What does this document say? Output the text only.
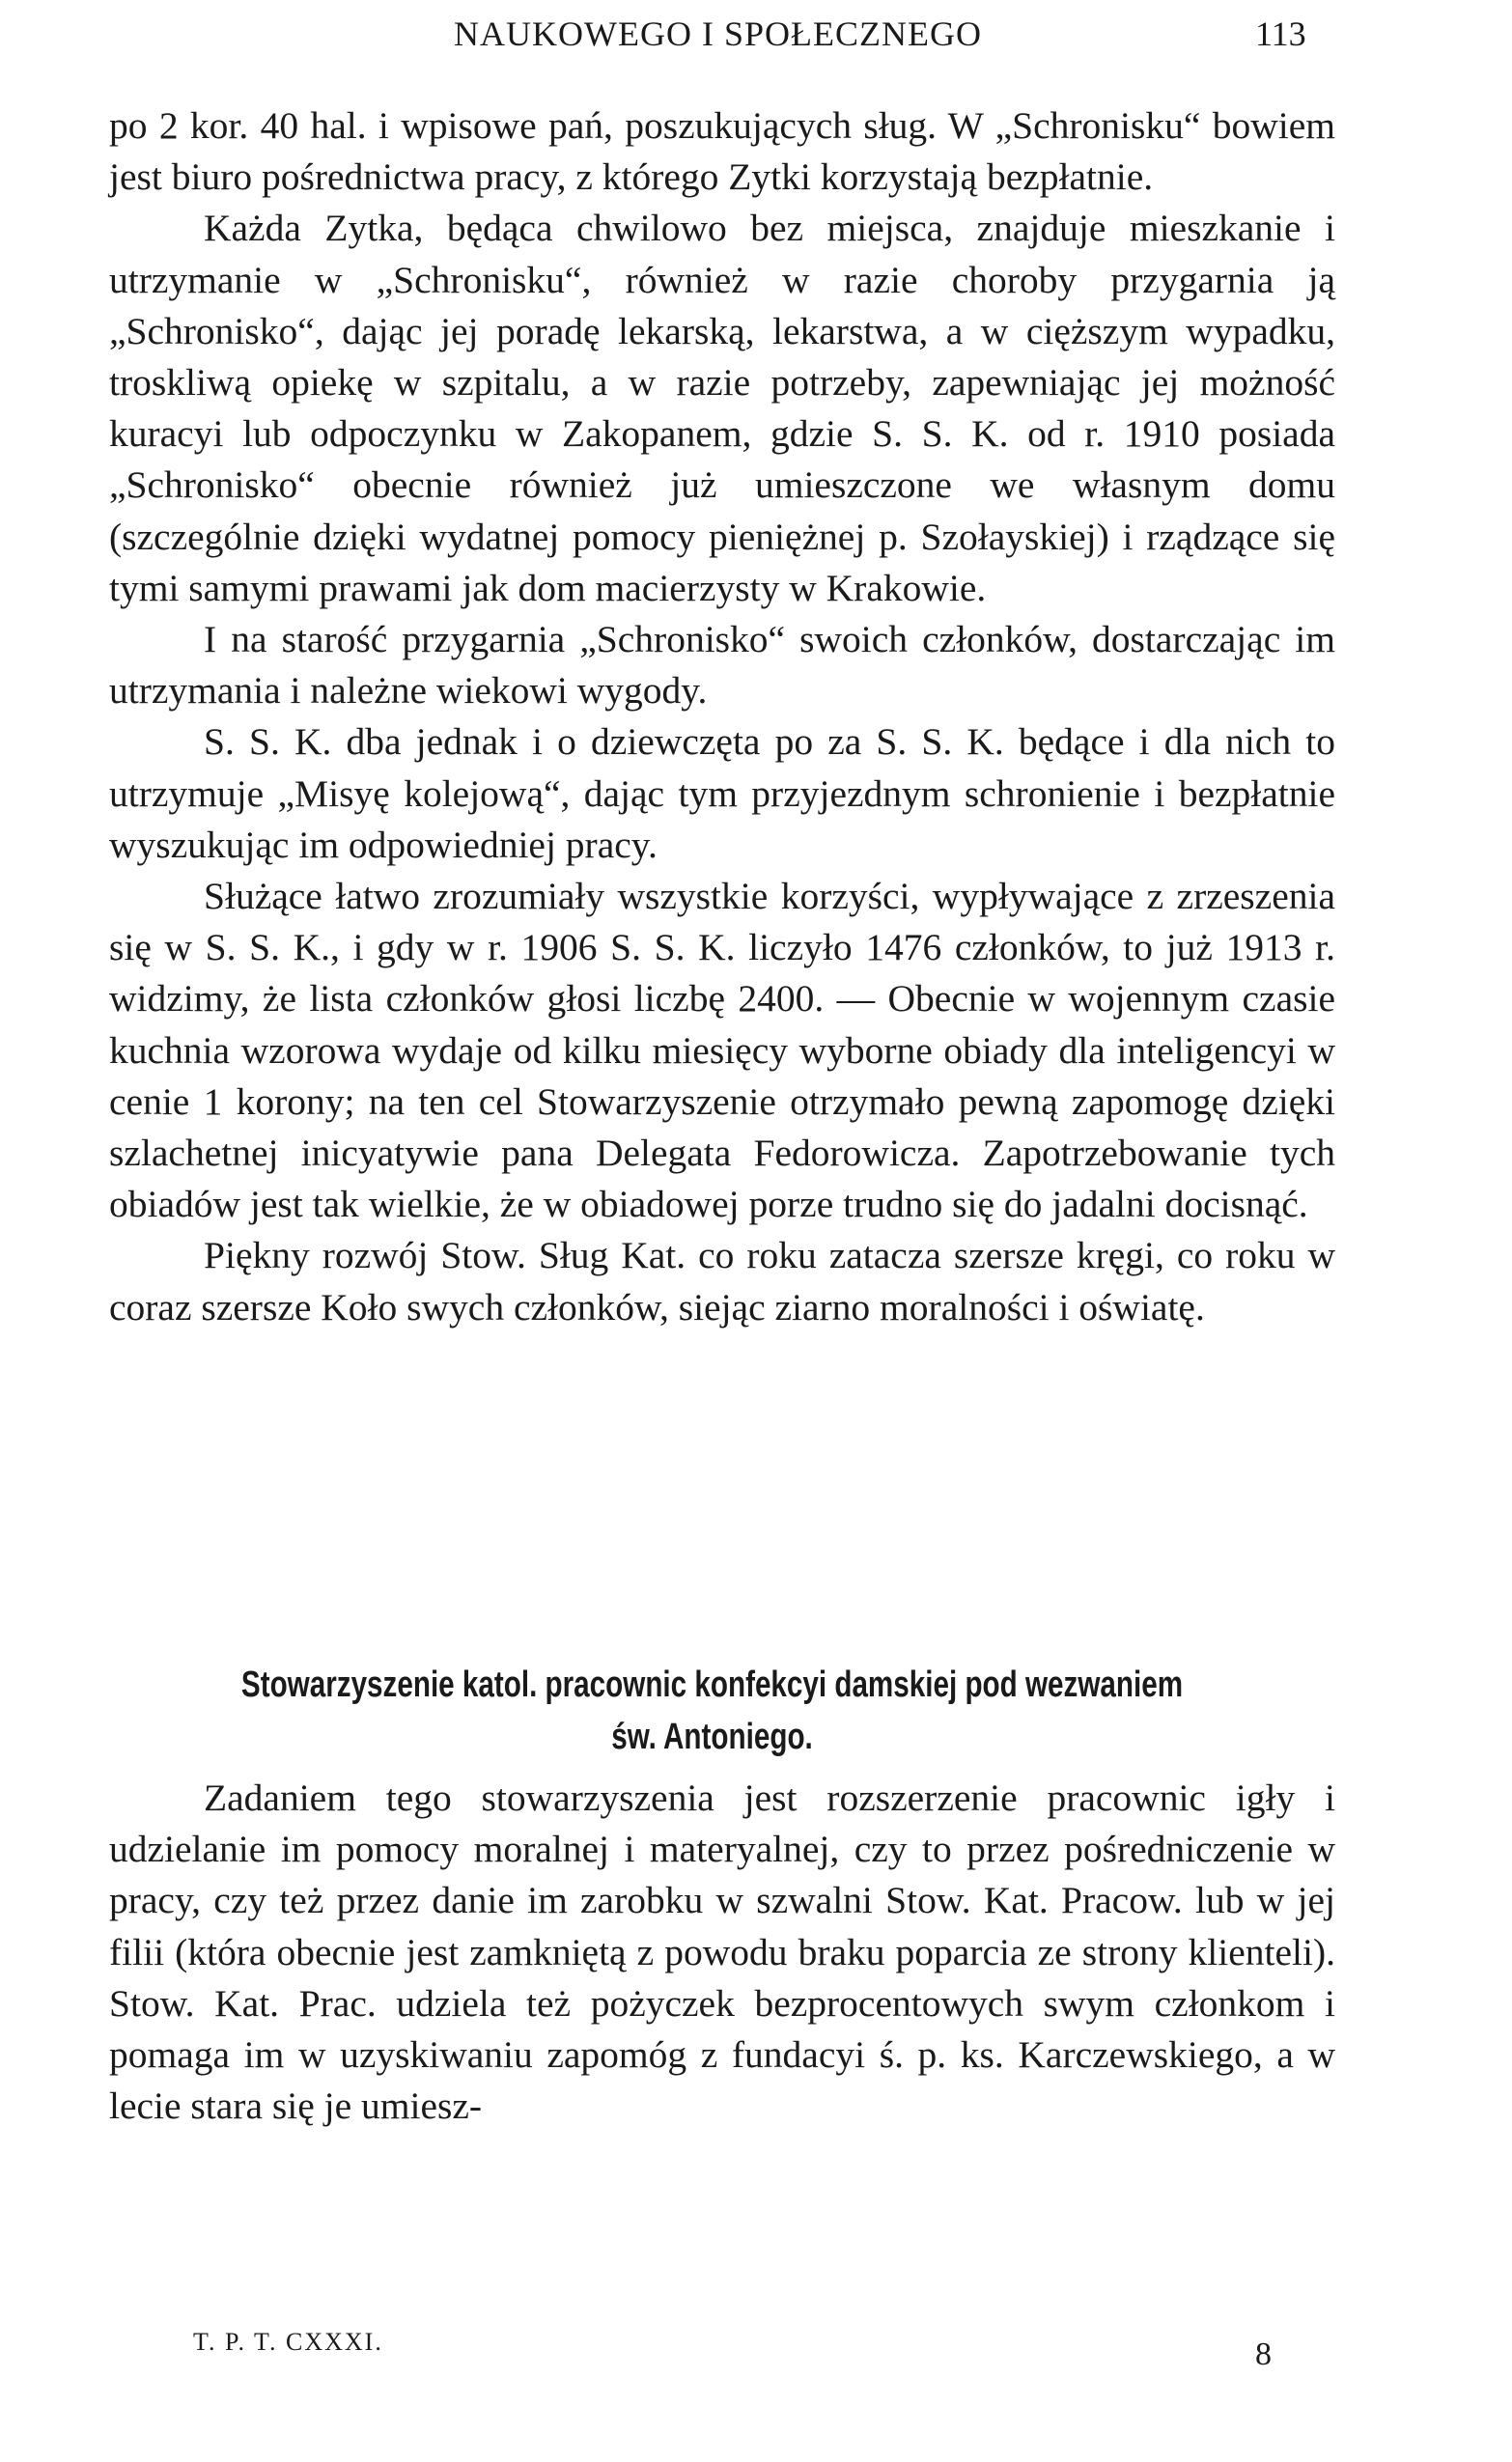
NAUKOWEGO I SPOŁECZNEGO	113

po 2 kor. 40 hal. i wpisowe pań, poszukujących sług. W „Schronisku“ bowiem jest biuro pośrednictwa pracy, z którego Zytki korzystają bezpłatnie.

Każda Zytka, będąca chwilowo bez miejsca, znajduje mieszkanie i utrzymanie w „Schronisku“, również w razie choroby przygarnia ją „Schronisko“, dając jej poradę lekarską, lekarstwa, a w cięższym wypadku, troskliwą opiekę w szpitalu, a w razie potrzeby, zapewniając jej możność kuracyi lub odpoczynku w Zakopanem, gdzie S. S. K. od r. 1910 posiada „Schronisko“ obecnie również już umieszczone we własnym domu (szczególnie dzięki wydatnej pomocy pieniężnej p. Szołayskiej) i rządzące się tymi samymi prawami jak dom macierzysty w Krakowie.

I na starość przygarnia „Schronisko“ swoich członków, dostarczając im utrzymania i należne wiekowi wygody.

S. S. K. dba jednak i o dziewczęta po za S. S. K. będące i dla nich to utrzymuje „Misyę kolejową“, dając tym przyjezdnym schronienie i bezpłatnie wyszukując im odpowiedniej pracy.

Służące łatwo zrozumiały wszystkie korzyści, wypływające z zrzeszenia się w S. S. K., i gdy w r. 1906 S. S. K. liczyło 1476 członków, to już 1913 r. widzimy, że lista członków głosi liczbę 2400. — Obecnie w wojennym czasie kuchnia wzorowa wydaje od kilku miesięcy wyborne obiady dla inteligencyi w cenie 1 korony; na ten cel Stowarzyszenie otrzymało pewną zapomogę dzięki szlachetnej inicyatywie pana Delegata Fedorowicza. Zapotrzebowanie tych obiadów jest tak wielkie, że w obiadowej porze trudno się do jadalni docisnąć.

Piękny rozwój Stow. Sług Kat. co roku zatacza szersze kręgi, co roku w coraz szersze Koło swych członków, siejąc ziarno moralności i oświatę.

Stowarzyszenie katol. pracownic konfekcyi damskiej pod wezwaniem
św. Antoniego.

Zadaniem tego stowarzyszenia jest rozszerzenie pracownic igły i udzielanie im pomocy moralnej i materyalnej, czy to przez pośredniczenie w pracy, czy też przez danie im zarobku w szwalni Stow. Kat. Pracow. lub w jej filii (która obecnie jest zamkniętą z powodu braku poparcia ze strony klienteli). Stow. Kat. Prac. udziela też pożyczek bezprocentowych swym członkom i pomaga im w uzyskiwaniu zapomóg z fundacyi ś. p. ks. Karczewskiego, a w lecie stara się je umiesz-

T. P. T. CXXXI.	8
